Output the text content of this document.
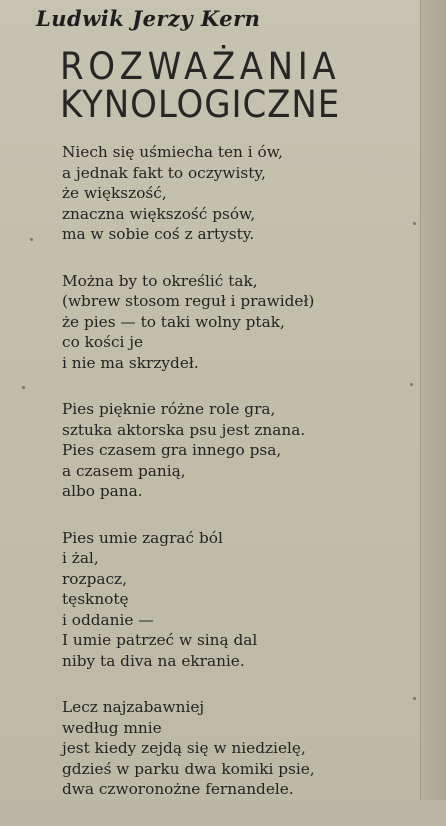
Ludwik Jerzy Kern
ROZWAŻANIA
KYNOLOGICZNE
Niech się uśmiecha ten i ów,
a jednak fakt to oczywisty,
że większość,
znaczna większość psów,
ma w sobie coś z artysty.
Można by to określić tak,
(wbrew stosom reguł i prawideł)
że pies — to taki wolny ptak,
co kości je
i nie ma skrzydeł.
Pies pięknie różne role gra,
sztuka aktorska psu jest znana.
Pies czasem gra innego psa,
a czasem panią,
albo pana.
Pies umie zagrać ból
i żal,
rozpacz,
tęsknotę
i oddanie —
I umie patrzeć w siną dal
niby ta diva na ekranie.
Lecz najzabawniej
według mnie
jest kiedy zejdą się w niedzielę,
gdzieś w parku dwa komiki psie,
dwa czworonożne fernandele.
